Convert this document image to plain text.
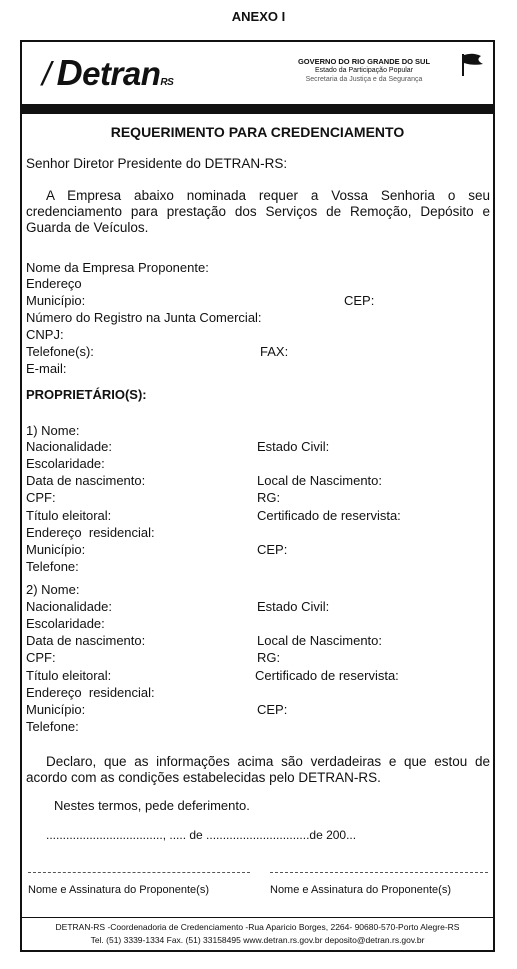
ANEXO I
/ DetranRS
GOVERNO DO RIO GRANDE DO SUL
Estado da Participação Popular
Secretaria da Justiça e da Segurança
REQUERIMENTO PARA CREDENCIAMENTO
Senhor Diretor Presidente do DETRAN-RS:
A Empresa abaixo nominada requer a Vossa Senhoria o seu credenciamento para prestação dos Serviços de Remoção, Depósito e Guarda de Veículos.
Nome da Empresa Proponente:
Endereço
Município:	CEP:
Número do Registro na Junta Comercial:
CNPJ:
Telefone(s):	FAX:
E-mail:
PROPRIETÁRIO(S):
1) Nome:
Nacionalidade:	Estado Civil:
Escolaridade:
Data de nascimento:	Local de Nascimento:
CPF:	RG:
Título eleitoral:	Certificado de reservista:
Endereço  residencial:
Município:	CEP:
Telefone:
2) Nome:
Nacionalidade:	Estado Civil:
Escolaridade:
Data de nascimento:	Local de Nascimento:
CPF:	RG:
Título eleitoral:	Certificado de reservista:
Endereço  residencial:
Município:	CEP:
Telefone:
Declaro, que as informações acima são verdadeiras e que estou de acordo com as condições estabelecidas pelo DETRAN-RS.
Nestes termos, pede deferimento.
..................................., ..... de ...............................de 200...
Nome e Assinatura do Proponente(s)	Nome e Assinatura do Proponente(s)
DETRAN-RS -Coordenadoria de Credenciamento -Rua Aparicio Borges, 2264- 90680-570-Porto Alegre-RS
Tel. (51) 3339-1334 Fax. (51) 33158495 www.detran.rs.gov.br deposito@detran.rs.gov.br
